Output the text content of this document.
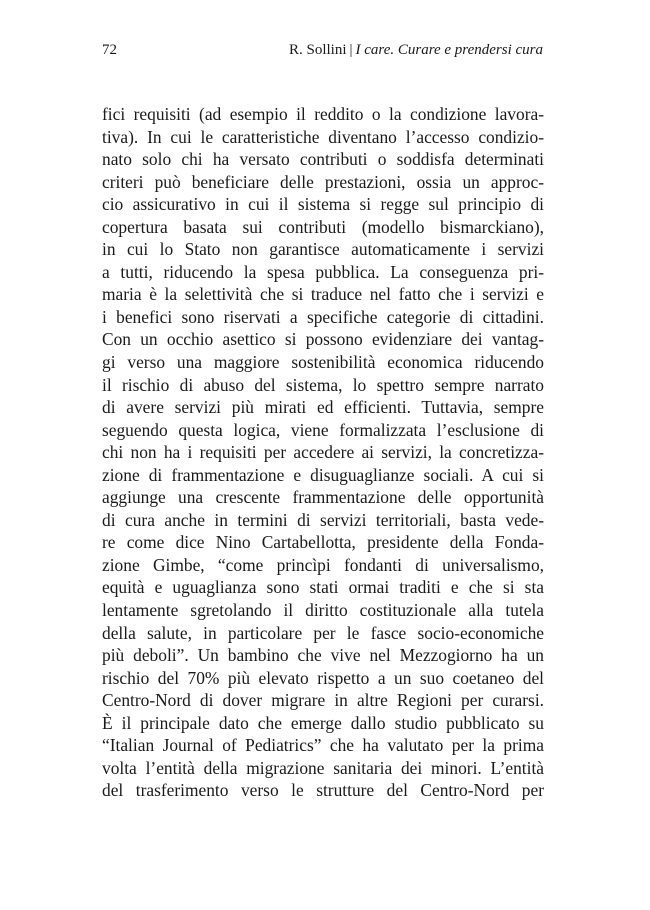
72	R. Sollini | I care. Curare e prendersi cura
fici requisiti (ad esempio il reddito o la condizione lavora-
tiva). In cui le caratteristiche diventano l’accesso condizio-
nato solo chi ha versato contributi o soddisfa determinati
criteri può beneficiare delle prestazioni, ossia un approc-
cio assicurativo in cui il sistema si regge sul principio di
copertura basata sui contributi (modello bismarckiano),
in cui lo Stato non garantisce automaticamente i servizi
a tutti, riducendo la spesa pubblica. La conseguenza pri-
maria è la selettività che si traduce nel fatto che i servizi e
i benefici sono riservati a specifiche categorie di cittadini.
Con un occhio asettico si possono evidenziare dei vantag-
gi verso una maggiore sostenibilità economica riducendo
il rischio di abuso del sistema, lo spettro sempre narrato
di avere servizi più mirati ed efficienti. Tuttavia, sempre
seguendo questa logica, viene formalizzata l’esclusione di
chi non ha i requisiti per accedere ai servizi, la concretizza-
zione di frammentazione e disuguaglianze sociali. A cui si
aggiunge una crescente frammentazione delle opportunità
di cura anche in termini di servizi territoriali, basta vede-
re come dice Nino Cartabellotta, presidente della Fonda-
zione Gimbe, “come princìpi fondanti di universalismo,
equità e uguaglianza sono stati ormai traditi e che si sta
lentamente sgretolando il diritto costituzionale alla tutela
della salute, in particolare per le fasce socio-economiche
più deboli”. Un bambino che vive nel Mezzogiorno ha un
rischio del 70% più elevato rispetto a un suo coetaneo del
Centro-Nord di dover migrare in altre Regioni per curarsi.
È il principale dato che emerge dallo studio pubblicato su
“Italian Journal of Pediatrics” che ha valutato per la prima
volta l’entità della migrazione sanitaria dei minori. L’entità
del trasferimento verso le strutture del Centro-Nord per
